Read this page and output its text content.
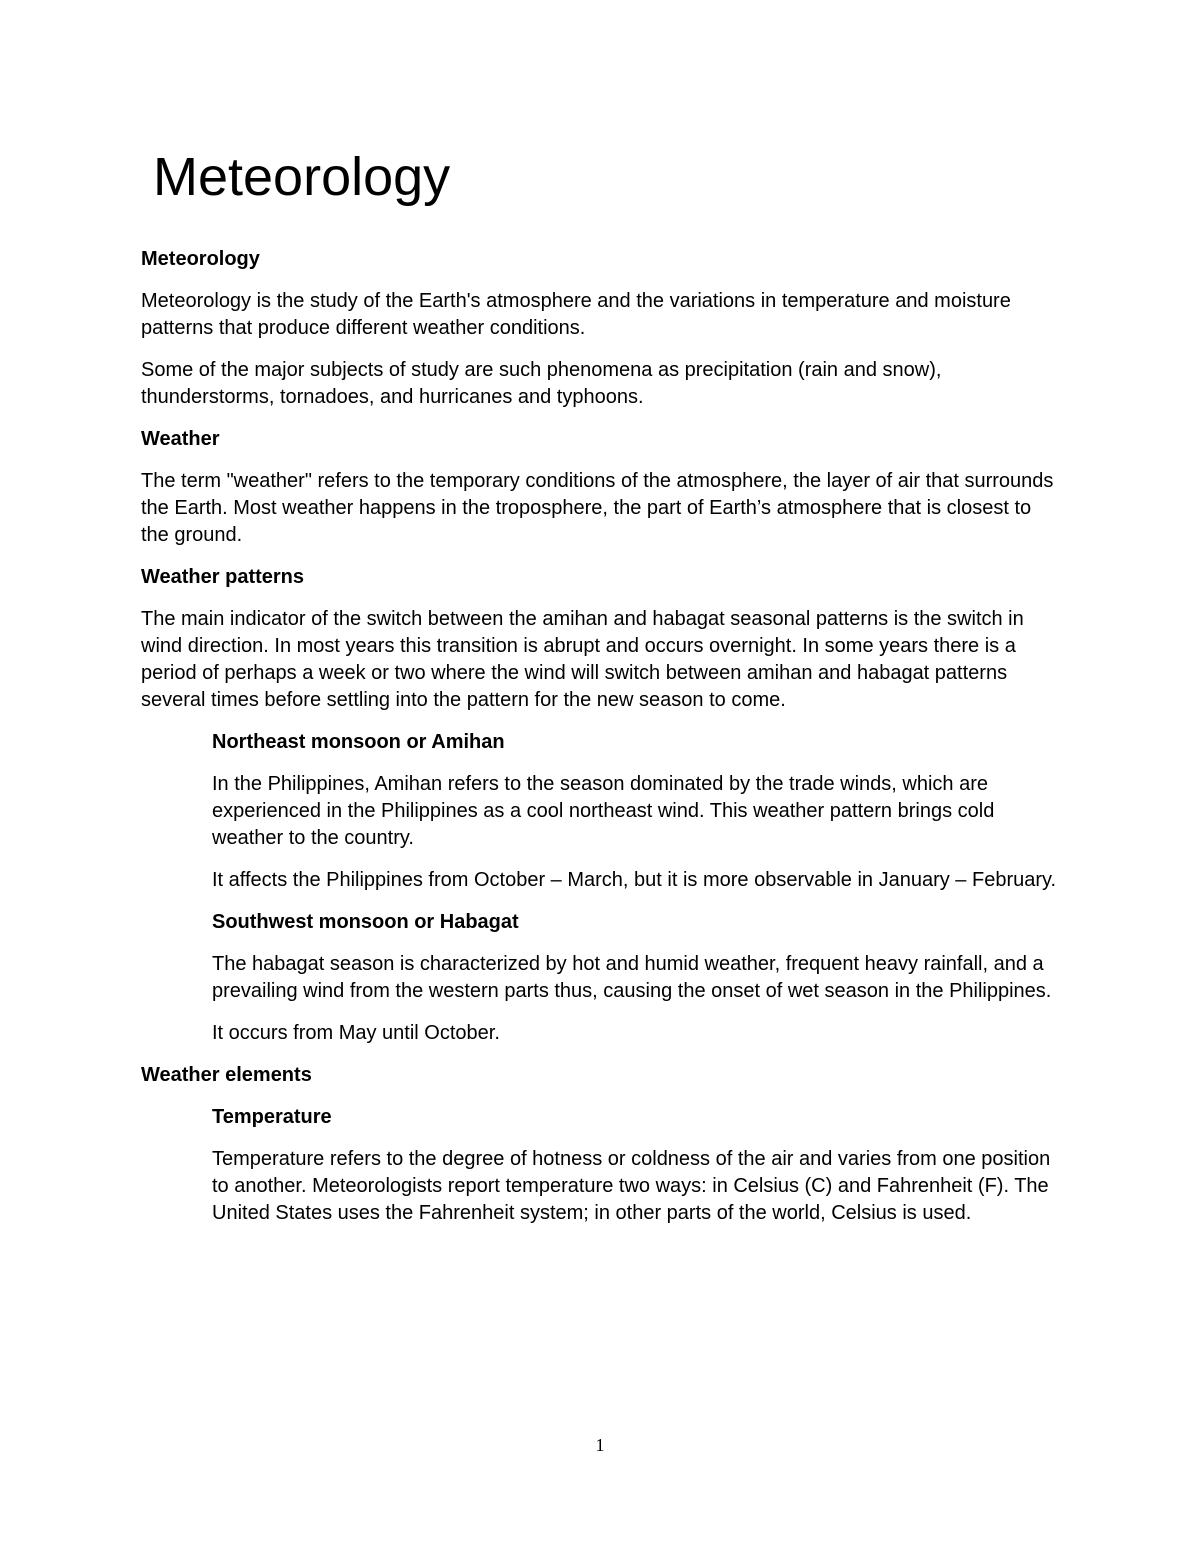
Meteorology
Meteorology

Meteorology is the study of the Earth's atmosphere and the variations in temperature and moisture patterns that produce different weather conditions.

Some of the major subjects of study are such phenomena as precipitation (rain and snow), thunderstorms, tornadoes, and hurricanes and typhoons.

Weather

The term "weather" refers to the temporary conditions of the atmosphere, the layer of air that surrounds the Earth. Most weather happens in the troposphere, the part of Earth’s atmosphere that is closest to the ground.

Weather patterns

The main indicator of the switch between the amihan and habagat seasonal patterns is the switch in wind direction. In most years this transition is abrupt and occurs overnight. In some years there is a period of perhaps a week or two where the wind will switch between amihan and habagat patterns several times before settling into the pattern for the new season to come.

Northeast monsoon or Amihan

In the Philippines, Amihan refers to the season dominated by the trade winds, which are experienced in the Philippines as a cool northeast wind. This weather pattern brings cold weather to the country.

It affects the Philippines from October – March, but it is more observable in January – February.

Southwest monsoon or Habagat

The habagat season is characterized by hot and humid weather, frequent heavy rainfall, and a prevailing wind from the western parts thus, causing the onset of wet season in the Philippines.

It occurs from May until October.

Weather elements
Temperature

Temperature refers to the degree of hotness or coldness of the air and varies from one position to another. Meteorologists report temperature two ways: in Celsius (C) and Fahrenheit (F). The United States uses the Fahrenheit system; in other parts of the world, Celsius is used.

1
